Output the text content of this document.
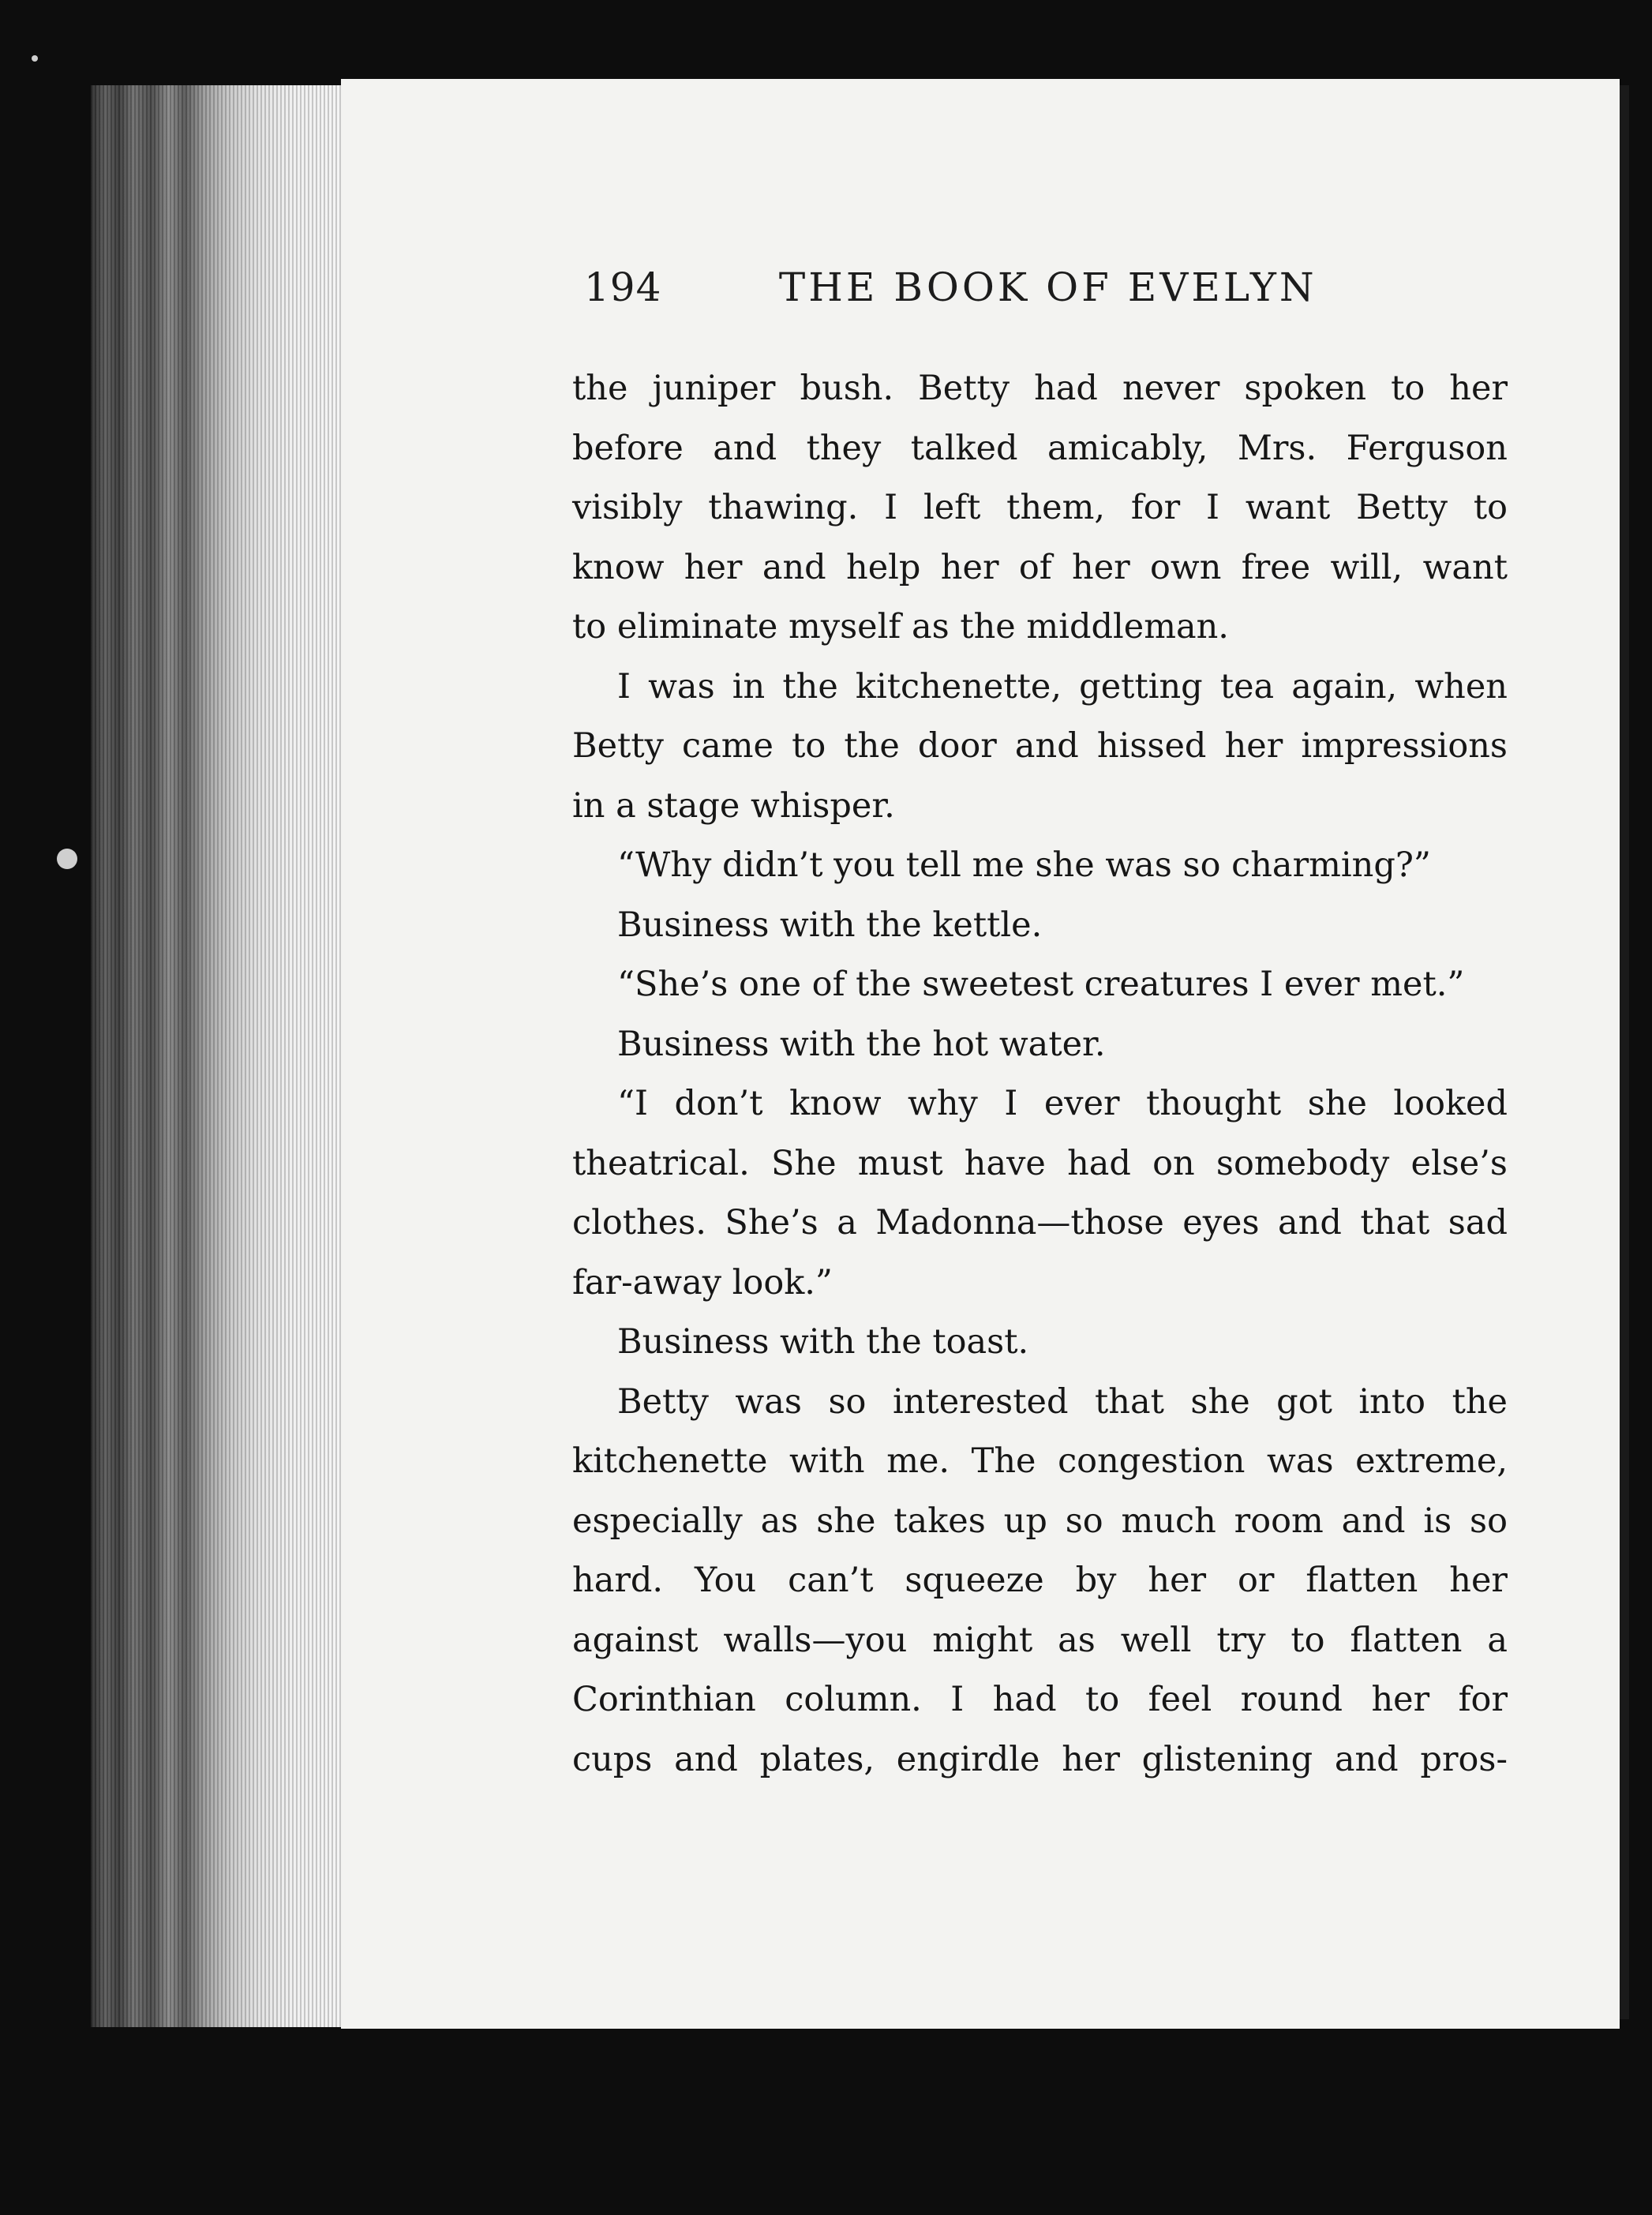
194	THE BOOK OF EVELYN
the juniper bush. Betty had never spoken to her
before and they talked amicably, Mrs. Ferguson
visibly thawing. I left them, for I want Betty to
know her and help her of her own free will, want
to eliminate myself as the middleman.
I was in the kitchenette, getting tea again, when
Betty came to the door and hissed her impressions
in a stage whisper.
“Why didn’t you tell me she was so charming?”
Business with the kettle.
“She’s one of the sweetest creatures I ever met.”
Business with the hot water.
“I don’t know why I ever thought she looked
theatrical. She must have had on somebody else’s
clothes. She’s a Madonna—those eyes and that sad
far-away look.”
Business with the toast.
Betty was so interested that she got into the
kitchenette with me. The congestion was extreme,
especially as she takes up so much room and is so
hard. You can’t squeeze by her or flatten her
against walls—you might as well try to flatten a
Corinthian column. I had to feel round her for
cups and plates, engirdle her glistening and pros-
